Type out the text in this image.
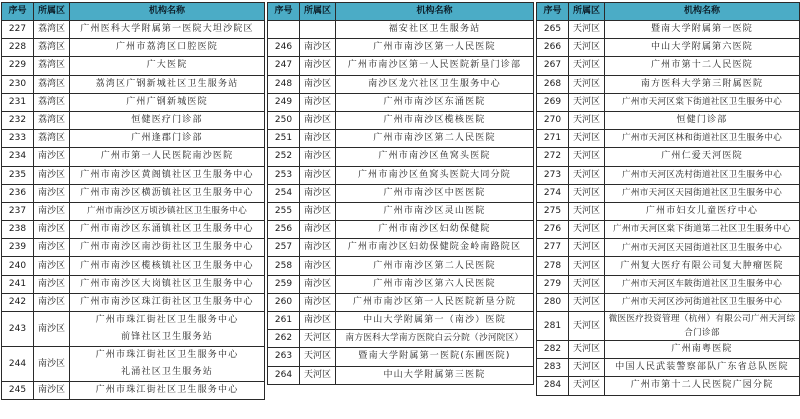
序号	所属区	机构名称
227	荔湾区	广州医科大学附属第一医院大坦沙院区

228	荔湾区	广州市荔湾区口腔医院

229	荔湾区	广大医院

230	荔湾区	荔湾区广钢新城社区卫生服务站

231	荔湾区	广州广钢新城医院

232	荔湾区	恒健医疗门诊部

233	荔湾区	广州逢郡门诊部

234	南沙区	广州市第一人民医院南沙医院

235	南沙区	广州市南沙区黄阁镇社区卫生服务中心

236	南沙区	广州市南沙区横沥镇社区卫生服务中心

237	南沙区	广州市南沙区万顷沙镇社区卫生服务中心

238	南沙区	广州市南沙区东涌镇社区卫生服务中心

239	南沙区	广州市南沙区南沙街社区卫生服务中心

240	南沙区	广州市南沙区榄核镇社区卫生服务中心

241	南沙区	广州市南沙区大岗镇社区卫生服务中心

242	南沙区	广州市南沙区珠江街社区卫生服务中心

243	南沙区	广州市珠江街社区卫生服务中心
前锋社区卫生服务站

244	南沙区	广州市珠江街社区卫生服务中心
礼涌社区卫生服务站

245	南沙区	广州市珠江街社区卫生服务中心
序号	所属区	机构名称

		福安社区卫生服务站

246	南沙区	广州市南沙区第一人民医院

247	南沙区	广州市南沙区第一人民医院新垦门诊部

248	南沙区	南沙区龙穴社区卫生服务中心

249	南沙区	广州市南沙区东涌医院

250	南沙区	广州市南沙区榄核医院

251	南沙区	广州市南沙区第二人民医院

252	南沙区	广州市南沙区鱼窝头医院

253	南沙区	广州市南沙区鱼窝头医院大同分院

254	南沙区	广州市南沙区中医医院

255	南沙区	广州市南沙区灵山医院

256	南沙区	广州市南沙区妇幼保健院

257	南沙区	广州市南沙区妇幼保健院金岭南路院区

258	南沙区	广州市南沙区第二人民医院

259	南沙区	广州市南沙区第六人民医院

260	南沙区	广州市南沙区第一人民医院新垦分院

261	南沙区	中山大学附属第一（南沙）医院

262	天河区	南方医科大学南方医院白云分院（沙河院区）

263	天河区	暨南大学附属第一医院(东圃医院)

264	天河区	中山大学附属第三医院
序号	所属区	机构名称
265	天河区	暨南大学附属第一医院

266	天河区	中山大学附属第六医院

267	天河区	广州市第十二人民医院

268	天河区	南方医科大学第三附属医院

269	天河区	广州市天河区棠下街道社区卫生服务中心

270	天河区	恒健门诊部

271	天河区	广州市天河区林和街道社区卫生服务中心

272	天河区	广州仁爱天河医院

273	天河区	广州市天河区冼村街道社区卫生服务中心

274	天河区	广州市天河区天园街道社区卫生服务中心

275	天河区	广州市妇女儿童医疗中心

276	天河区	广州市天河区棠下街道第二社区卫生服务中心

277	天河区	广州市天河区天园街道社区卫生服务中心

278	天河区	广州复大医疗有限公司复大肿瘤医院

279	天河区	广州市天河区车陂街道社区卫生服务中心

280	天河区	广州市天河区沙河街道社区卫生服务中心

281	天河区	微医医疗投资管理（杭州）有限公司广州天河综
合门诊部

282	天河区	广州南粤医院

283	天河区	中国人民武装警察部队广东省总队医院

284	天河区	广州市第十二人民医院广园分院
